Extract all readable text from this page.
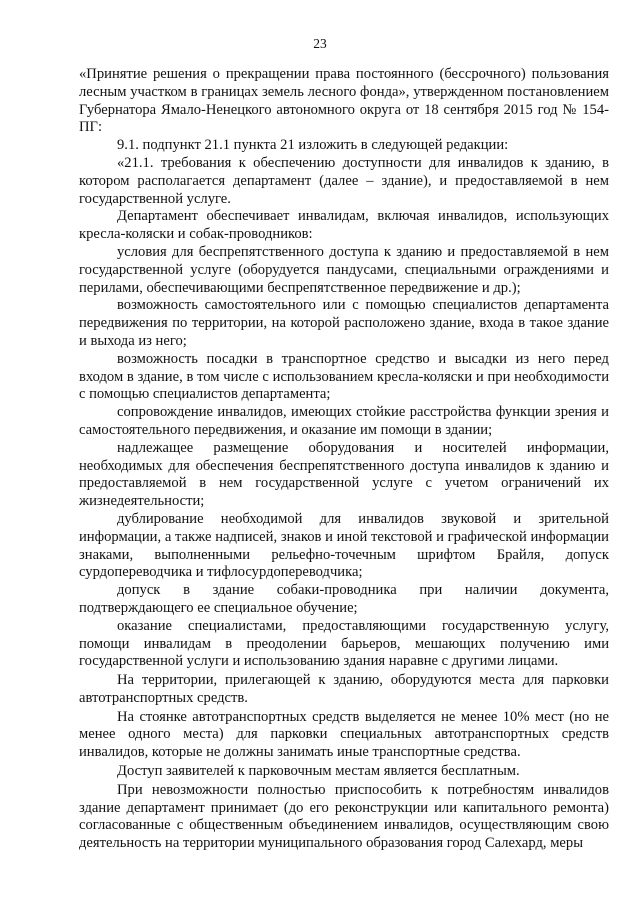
23

«Принятие решения о прекращении права постоянного (бессрочного) пользования лесным участком в границах земель лесного фонда», утвержденном постановлением Губернатора Ямало-Ненецкого автономного округа от 18 сентября 2015 год № 154-ПГ:

9.1. подпункт 21.1 пункта 21 изложить в следующей редакции:

«21.1. требования к обеспечению доступности для инвалидов к зданию, в котором располагается департамент (далее – здание), и предоставляемой в нем государственной услуге.

Департамент обеспечивает инвалидам, включая инвалидов, использующих кресла-коляски и собак-проводников:

условия для беспрепятственного доступа к зданию и предоставляемой в нем государственной услуге (оборудуется пандусами, специальными ограждениями и перилами, обеспечивающими беспрепятственное передвижение и др.);

возможность самостоятельного или с помощью специалистов департамента передвижения по территории, на которой расположено здание, входа в такое здание и выхода из него;

возможность посадки в транспортное средство и высадки из него перед входом в здание, в том числе с использованием кресла-коляски и при необходимости с помощью специалистов департамента;

сопровождение инвалидов, имеющих стойкие расстройства функции зрения и самостоятельного передвижения, и оказание им помощи в здании;

надлежащее размещение оборудования и носителей информации, необходимых для обеспечения беспрепятственного доступа инвалидов к зданию и предоставляемой в нем государственной услуге с учетом ограничений их жизнедеятельности;

дублирование необходимой для инвалидов звуковой и зрительной информации, а также надписей, знаков и иной текстовой и графической информации знаками, выполненными рельефно-точечным шрифтом Брайля, допуск сурдопереводчика и тифлосурдопереводчика;

допуск в здание собаки-проводника при наличии документа, подтверждающего ее специальное обучение;

оказание специалистами, предоставляющими государственную услугу, помощи инвалидам в преодолении барьеров, мешающих получению ими государственной услуги и использованию здания наравне с другими лицами.

На территории, прилегающей к зданию, оборудуются места для парковки автотранспортных средств.

На стоянке автотранспортных средств выделяется не менее 10% мест (но не менее одного места) для парковки специальных автотранспортных средств инвалидов, которые не должны занимать иные транспортные средства.

Доступ заявителей к парковочным местам является бесплатным.

При невозможности полностью приспособить к потребностям инвалидов здание департамент принимает (до его реконструкции или капитального ремонта) согласованные с общественным объединением инвалидов, осуществляющим свою деятельность на территории муниципального образования город Салехард, меры
